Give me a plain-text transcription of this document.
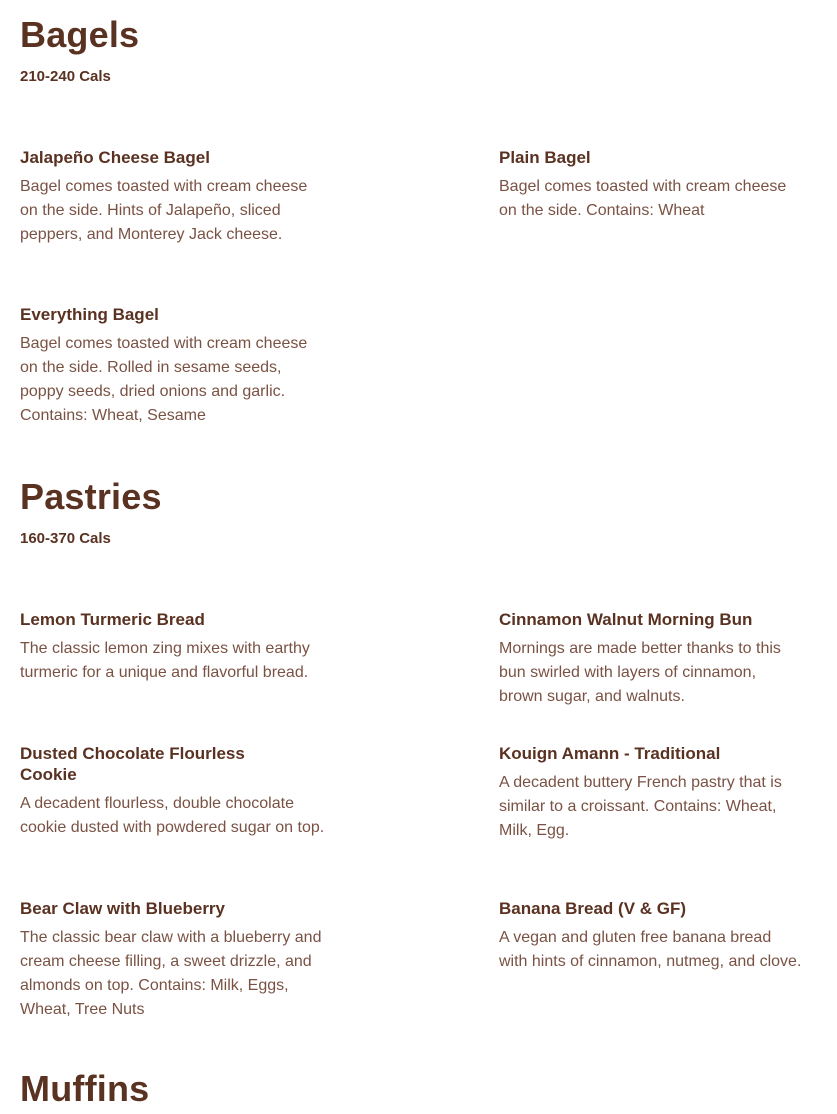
Bagels
210-240 Cals
Jalapeño Cheese Bagel
Bagel comes toasted with cream cheese on the side. Hints of Jalapeño, sliced peppers, and Monterey Jack cheese.
Plain Bagel
Bagel comes toasted with cream cheese on the side. Contains: Wheat
Everything Bagel
Bagel comes toasted with cream cheese on the side. Rolled in sesame seeds, poppy seeds, dried onions and garlic. Contains: Wheat, Sesame
Pastries
160-370 Cals
Lemon Turmeric Bread
The classic lemon zing mixes with earthy turmeric for a unique and flavorful bread.
Cinnamon Walnut Morning Bun
Mornings are made better thanks to this bun swirled with layers of cinnamon, brown sugar, and walnuts.
Dusted Chocolate Flourless Cookie
A decadent flourless, double chocolate cookie dusted with powdered sugar on top.
Kouign Amann - Traditional
A decadent buttery French pastry that is similar to a croissant. Contains: Wheat, Milk, Egg.
Bear Claw with Blueberry
The classic bear claw with a blueberry and cream cheese filling, a sweet drizzle, and almonds on top. Contains: Milk, Eggs, Wheat, Tree Nuts
Banana Bread (V & GF)
A vegan and gluten free banana bread with hints of cinnamon, nutmeg, and clove.
Muffins
